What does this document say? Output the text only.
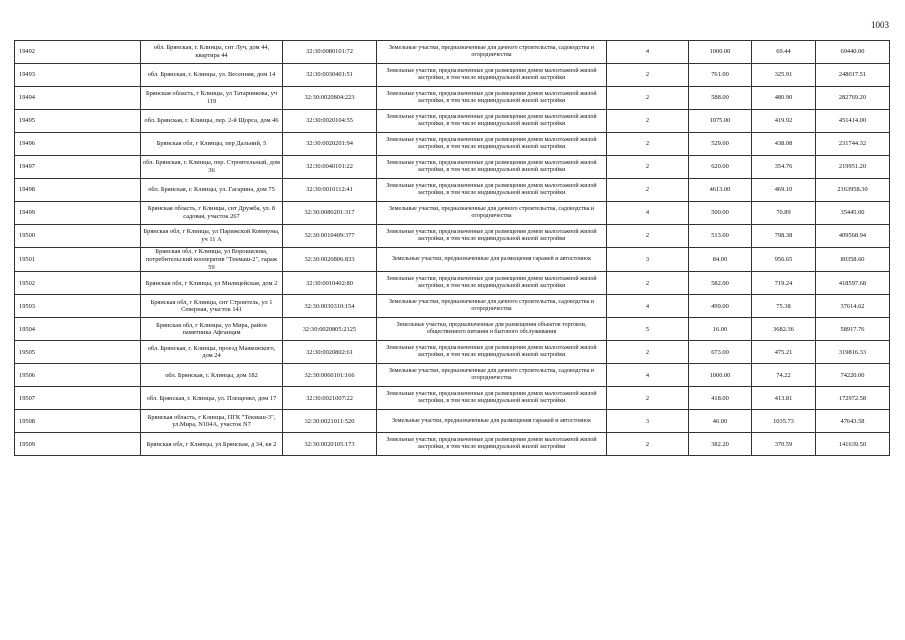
1003
19492	обл. Брянская, г. Клинцы, снт Луч, дом 44, квартира 44	32:30:0080101:72	Земельные участки, предназначенные для дачного строительства, садоводства и огородничества	4	1000.00	69.44	69440.00
19493	обл. Брянская, г. Клинцы, ул. Весенняя, дом 14	32:30:0030401:51	Земельные участки, предназначенные для размещения домов малоэтажной жилой застройки, в том числе индивидуальной жилой застройки	2	761.00	325.91	248017.51
19494	Брянская область, г Клинцы, ул Татарникова, уч 119	32:30:0020804:223	Земельные участки, предназначенные для размещения домов малоэтажной жилой застройки, в том числе индивидуальной жилой застройки	2	588.00	480.90	282769.20
19495	обл. Брянская, г. Клинцы, пер. 2-й Щорса, дом 46	32:30:0020104:55	Земельные участки, предназначенные для размещения домов малоэтажной жилой застройки, в том числе индивидуальной жилой застройки	2	1075.00	419.92	451414.00
19496	Брянская обл, г Клинцы, пер Дальний, 5	32:30:0020201:94	Земельные участки, предназначенные для размещения домов малоэтажной жилой застройки, в том числе индивидуальной жилой застройки	2	529.00	438.08	231744.32
19497	обл. Брянская, г. Клинцы, пер. Строительный, дом 36	32:30:0040101:22	Земельные участки, предназначенные для размещения домов малоэтажной жилой застройки, в том числе индивидуальной жилой застройки	2	620.00	354.76	219951.20
19498	обл. Брянская, г. Клинцы, ул. Гагарина, дом 75	32:30:0010112:41	Земельные участки, предназначенные для размещения домов малоэтажной жилой застройки, в том числе индивидуальной жилой застройки	2	4613.00	469.10	2163958.30
19499	Брянская область, г Клинцы, снт Дружба, ул. 8 садовая, участок 267	32:30:0080201:317	Земельные участки, предназначенные для дачного строительства, садоводства и огородничества	4	500.00	70.89	35445.00
19500	Брянская обл, г Клинцы, ул Парижской Коммуны, уч 11 А	32:30:0010409:377	Земельные участки, предназначенные для размещения домов малоэтажной жилой застройки, в том числе индивидуальной жилой застройки	2	513.00	798.38	409568.94
19501	Брянская обл, г Клинцы, ул Ворошилова, потребительский кооператив "Текмаш-2", гараж 59	32:30:0020806:833	Земельные участки, предназначенные для размещения гаражей и автостоянок	3	84.00	956.65	80358.60
19502	Брянская обл, г Клинцы, ул Милицейская, дом 2	32:30:0010402:80	Земельные участки, предназначенные для размещения домов малоэтажной жилой застройки, в том числе индивидуальной жилой застройки	2	582.00	719.24	418597.68
19503	Брянская обл, г Клинцы, снт Строитель, ул 1 Северная, участок 141	32:30:0030310:154	Земельные участки, предназначенные для дачного строительства, садоводства и огородничества	4	499.00	75.38	37614.62
19504	Брянская обл, г Клинцы, ул Мира, район памятника Афганцам	32:30:0020805:2125	Земельные участки, предназначенные для размещения объектов торговли, общественного питания и бытового обслуживания	5	16.00	3682.36	58917.76
19505	обл. Брянская, г. Клинцы, проезд Маяковского, дом 24	32:30:0020802:61	Земельные участки, предназначенные для размещения домов малоэтажной жилой застройки, в том числе индивидуальной жилой застройки	2	673.00	475.21	319816.33
19506	обл. Брянская, г. Клинцы, дом 182	32:30:0060101:166	Земельные участки, предназначенные для дачного строительства, садоводства и огородничества	4	1000.00	74.22	74220.00
19507	обл. Брянская, г. Клинцы, ул. Плещенко, дом 17	32:30:0021007:22	Земельные участки, предназначенные для размещения домов малоэтажной жилой застройки, в том числе индивидуальной жилой застройки	2	418.00	413.81	172972.58
19508	Брянская область, г Клинцы, ПГК "Текмаш-3", ул.Мира, N104А, участок N7	32:30:0021011:520	Земельные участки, предназначенные для размещения гаражей и автостоянок	3	46.00	1035.73	47643.58
19509	Брянская обл, г Клинцы, ул Брянская, д 34, кв 2	32:30:0020105:173	Земельные участки, предназначенные для размещения домов малоэтажной жилой застройки, в том числе индивидуальной жилой застройки	2	382.20	370.59	141639.50
